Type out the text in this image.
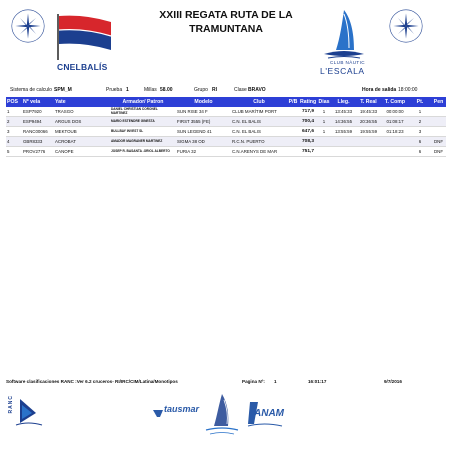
CNELBALÍS
XXIII REGATA RUTA DE LA
TRAMUNTANA
CLUB NÀUTIC
L'ESCALA
Sistema de calculo SPM_M	Prueba 1	Millas 58.00	Grupo RI	Clase BRAVO	Hora de salida 18:00:00
POS	Nº vela	Yate	Armador/ Patron	Modelo	Club	P/B	Rating	Dias	Lleg.	T. Real	T. Comp	Pt.	Pen
1	ESP7920	TRASGO	DANIEL CHRISTIAN CORONEL MARTINEZ	SUN RISE 34 F	CLUB MARÍTIM PORT		717,9	1	13:45:33	19:45:33	00:00:00	1	
2	ESP9494	ARGUS DOS	MARIO ESTENDRE GINESTA	FIRST 3555 (FE)	C.N. EL BALIS		700,4	1	14:36:55	20:36:55	01:08:17	2	
3	RANC00066	MEKTOUB	BULLBAY INVEST SL	SUN LEGEND 41	C.N. EL BALIS		647,6	1	13:55:59	19:55:59	01:18:23	3	
4	GBR8333	ACROBAT	AMADOR MAGRANER MARTINEZ	SIGMA 38 OD	R.C.N. PUERTO		708,3					6	DNF
5	PROV2776	CANOPE	JOSEP R. BASANTA -ORIOL ALBERTO	FURIA 32	C.N.ARENYS DE MAR		751,7					6	DNF
Software clasificaciones RANC :Ver 6.2 cruceros- RI/IRC/CIM/Latina/Monotipos	Pagina Nº: 1	16:01:17	9/7/2016
RANC	tausmar	ANAM
